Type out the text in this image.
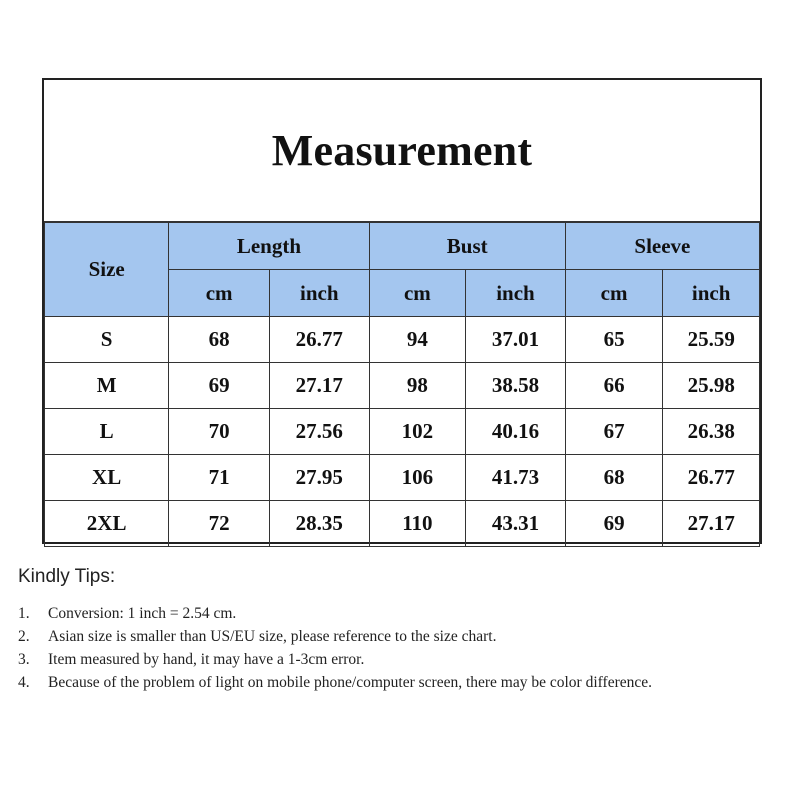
Measurement
Size	Length		Bust		Sleeve	
	cm	inch	cm	inch	cm	inch
S	68	26.77	94	37.01	65	25.59
M	69	27.17	98	38.58	66	25.98
L	70	27.56	102	40.16	67	26.38
XL	71	27.95	106	41.73	68	26.77
2XL	72	28.35	110	43.31	69	27.17
Kindly Tips:
1.	Conversion: 1 inch = 2.54 cm.
2.	Asian size is smaller than US/EU size, please reference to the size chart.
3.	Item measured by hand, it may have a 1-3cm error.
4.	Because of the problem of light on mobile phone/computer screen, there may be color difference.
